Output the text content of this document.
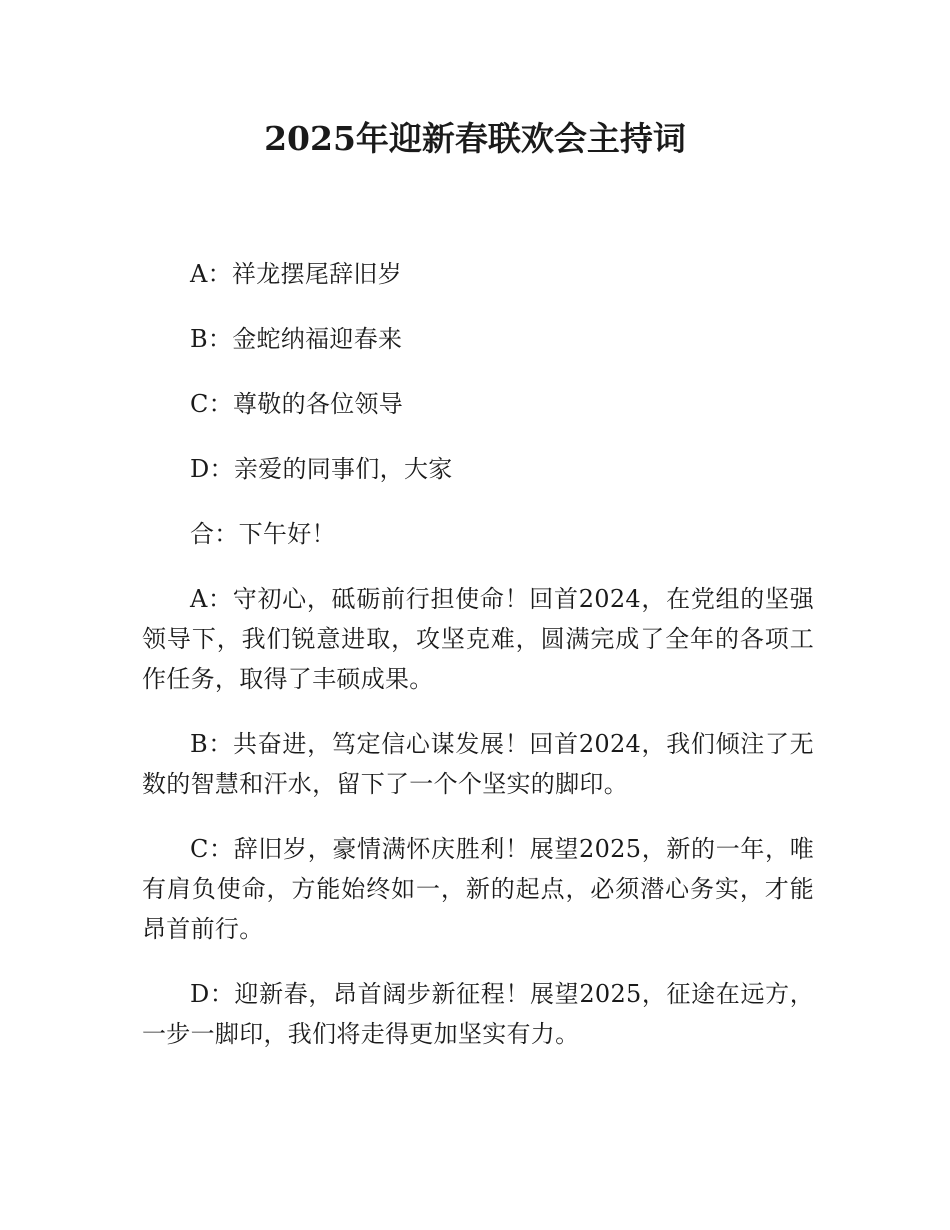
2025年迎新春联欢会主持词

A：祥龙摆尾辞旧岁

B：金蛇纳福迎春来

C：尊敬的各位领导

D：亲爱的同事们，大家

合：下午好！

A：守初心，砥砺前行担使命！回首2024，在党组的坚强领导下，我们锐意进取，攻坚克难，圆满完成了全年的各项工作任务，取得了丰硕成果。

B：共奋进，笃定信心谋发展！回首2024，我们倾注了无数的智慧和汗水，留下了一个个坚实的脚印。

C：辞旧岁，豪情满怀庆胜利！展望2025，新的一年，唯有肩负使命，方能始终如一，新的起点，必须潜心务实，才能昂首前行。

D：迎新春，昂首阔步新征程！展望2025，征途在远方，一步一脚印，我们将走得更加坚实有力。
